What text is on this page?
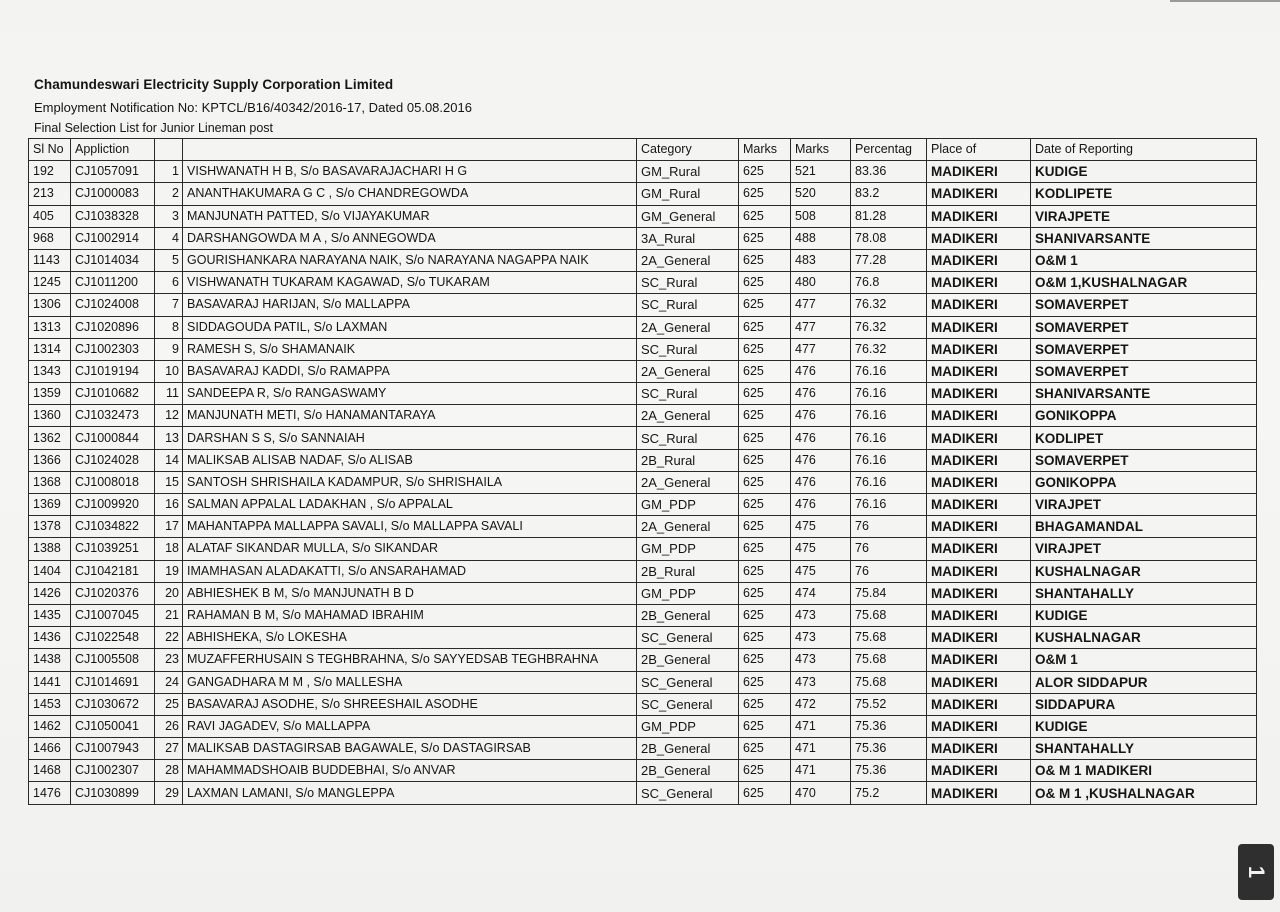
Chamundeswari Electricity Supply Corporation Limited
Employment Notification No: KPTCL/B16/40342/2016-17, Dated 05.08.2016
Final Selection List for Junior Lineman post
Sl No	Appliction			Category	Marks	Marks	Percentag	Place of	Date of Reporting
192	CJ1057091	1	VISHWANATH H B, S/o BASAVARAJACHARI H G	GM_Rural	625	521	83.36	MADIKERI	KUDIGE
213	CJ1000083	2	ANANTHAKUMARA G C , S/o CHANDREGOWDA	GM_Rural	625	520	83.2	MADIKERI	KODLIPETE
405	CJ1038328	3	MANJUNATH PATTED, S/o VIJAYAKUMAR	GM_General	625	508	81.28	MADIKERI	VIRAJPETE
968	CJ1002914	4	DARSHANGOWDA M A , S/o ANNEGOWDA	3A_Rural	625	488	78.08	MADIKERI	SHANIVARSANTE
1143	CJ1014034	5	GOURISHANKARA NARAYANA NAIK, S/o NARAYANA NAGAPPA NAIK	2A_General	625	483	77.28	MADIKERI	O&M 1
1245	CJ1011200	6	VISHWANATH TUKARAM KAGAWAD, S/o TUKARAM	SC_Rural	625	480	76.8	MADIKERI	O&M 1,KUSHALNAGAR
1306	CJ1024008	7	BASAVARAJ HARIJAN, S/o MALLAPPA	SC_Rural	625	477	76.32	MADIKERI	SOMAVERPET
1313	CJ1020896	8	SIDDAGOUDA PATIL, S/o LAXMAN	2A_General	625	477	76.32	MADIKERI	SOMAVERPET
1314	CJ1002303	9	RAMESH S, S/o SHAMANAIK	SC_Rural	625	477	76.32	MADIKERI	SOMAVERPET
1343	CJ1019194	10	BASAVARAJ KADDI, S/o RAMAPPA	2A_General	625	476	76.16	MADIKERI	SOMAVERPET
1359	CJ1010682	11	SANDEEPA R, S/o RANGASWAMY	SC_Rural	625	476	76.16	MADIKERI	SHANIVARSANTE
1360	CJ1032473	12	MANJUNATH METI, S/o HANAMANTARAYA	2A_General	625	476	76.16	MADIKERI	GONIKOPPA
1362	CJ1000844	13	DARSHAN S S, S/o SANNAIAH	SC_Rural	625	476	76.16	MADIKERI	KODLIPET
1366	CJ1024028	14	MALIKSAB ALISAB NADAF, S/o ALISAB	2B_Rural	625	476	76.16	MADIKERI	SOMAVERPET
1368	CJ1008018	15	SANTOSH SHRISHAILA KADAMPUR, S/o SHRISHAILA	2A_General	625	476	76.16	MADIKERI	GONIKOPPA
1369	CJ1009920	16	SALMAN APPALAL LADAKHAN , S/o APPALAL	GM_PDP	625	476	76.16	MADIKERI	VIRAJPET
1378	CJ1034822	17	MAHANTAPPA MALLAPPA SAVALI, S/o MALLAPPA SAVALI	2A_General	625	475	76	MADIKERI	BHAGAMANDAL
1388	CJ1039251	18	ALATAF SIKANDAR MULLA, S/o SIKANDAR	GM_PDP	625	475	76	MADIKERI	VIRAJPET
1404	CJ1042181	19	IMAMHASAN ALADAKATTI, S/o ANSARAHAMAD	2B_Rural	625	475	76	MADIKERI	KUSHALNAGAR
1426	CJ1020376	20	ABHIESHEK B M, S/o MANJUNATH B D	GM_PDP	625	474	75.84	MADIKERI	SHANTAHALLY
1435	CJ1007045	21	RAHAMAN B M, S/o MAHAMAD IBRAHIM	2B_General	625	473	75.68	MADIKERI	KUDIGE
1436	CJ1022548	22	ABHISHEKA, S/o LOKESHA	SC_General	625	473	75.68	MADIKERI	KUSHALNAGAR
1438	CJ1005508	23	MUZAFFERHUSAIN S TEGHBRAHNA, S/o SAYYEDSAB TEGHBRAHNA	2B_General	625	473	75.68	MADIKERI	O&M 1
1441	CJ1014691	24	GANGADHARA M M , S/o MALLESHA	SC_General	625	473	75.68	MADIKERI	ALOR SIDDAPUR
1453	CJ1030672	25	BASAVARAJ ASODHE, S/o SHREESHAIL ASODHE	SC_General	625	472	75.52	MADIKERI	SIDDAPURA
1462	CJ1050041	26	RAVI JAGADEV, S/o MALLAPPA	GM_PDP	625	471	75.36	MADIKERI	KUDIGE
1466	CJ1007943	27	MALIKSAB DASTAGIRSAB BAGAWALE, S/o DASTAGIRSAB	2B_General	625	471	75.36	MADIKERI	SHANTAHALLY
1468	CJ1002307	28	MAHAMMADSHOAIB BUDDEBHAI, S/o ANVAR	2B_General	625	471	75.36	MADIKERI	O& M 1 MADIKERI
1476	CJ1030899	29	LAXMAN LAMANI, S/o MANGLEPPA	SC_General	625	470	75.2	MADIKERI	O& M 1 ,KUSHALNAGAR
1
